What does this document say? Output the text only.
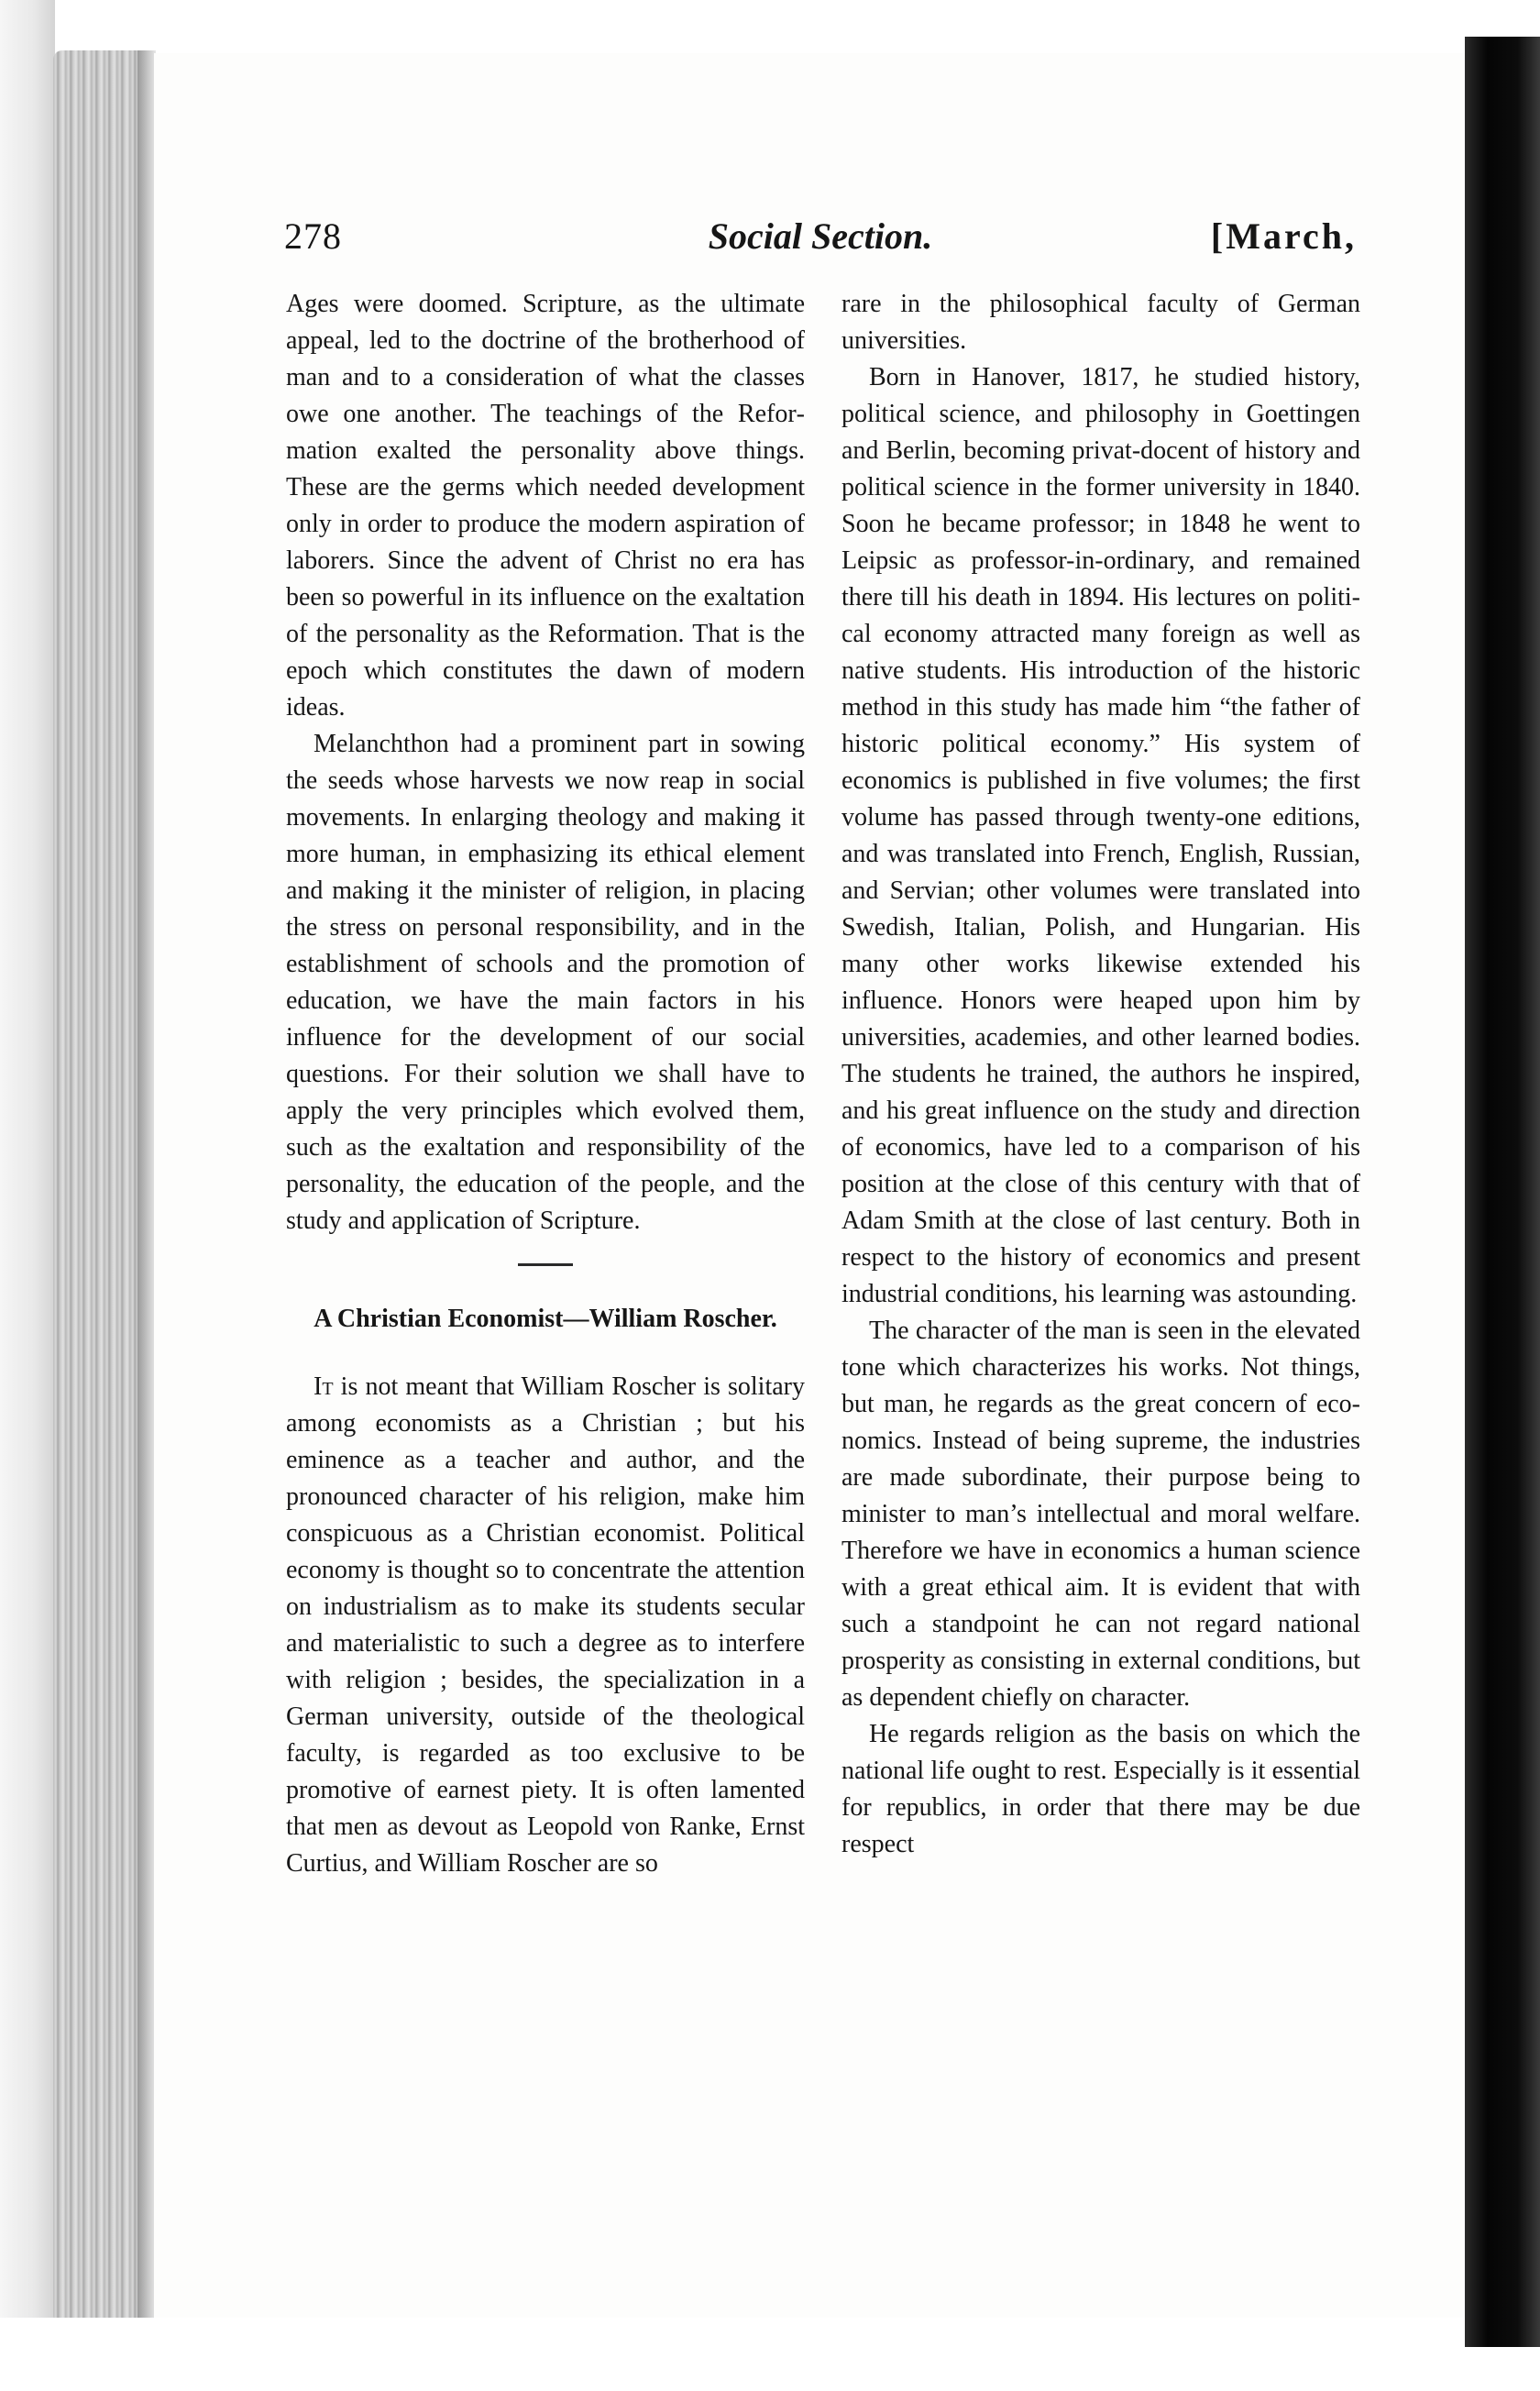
278	Social Section.	[March,

Ages were doomed. Scripture, as the ultimate appeal, led to the doctrine of the brotherhood of man and to a consideration of what the classes owe one another. The teachings of the Reformation exalted the personality above things. These are the germs which needed development only in order to produce the modern aspiration of laborers. Since the advent of Christ no era has been so powerful in its influence on the exaltation of the personality as the Reformation. That is the epoch which constitutes the dawn of modern ideas.

Melanchthon had a prominent part in sowing the seeds whose harvests we now reap in social movements. In enlarging theology and making it more human, in emphasizing its ethical element and making it the minister of religion, in placing the stress on personal responsibility, and in the establishment of schools and the promotion of education, we have the main factors in his influence for the development of our social questions. For their solution we shall have to apply the very principles which evolved them, such as the exaltation and responsibility of the personality, the education of the people, and the study and application of Scripture.

A Christian Economist—William Roscher.

It is not meant that William Roscher is solitary among economists as a Christian ; but his eminence as a teacher and author, and the pronounced character of his religion, make him conspicuous as a Christian economist. Political economy is thought so to concentrate the attention on industrialism as to make its students secular and materialistic to such a degree as to interfere with religion ; besides, the specialization in a German university, outside of the theological faculty, is regarded as too exclusive to be promotive of earnest piety. It is often lamented that men as devout as Leopold von Ranke, Ernst Curtius, and William Roscher are so

rare in the philosophical faculty of German universities.

Born in Hanover, 1817, he studied history, political science, and philosophy in Goettingen and Berlin, becoming privat-docent of history and political science in the former university in 1840. Soon he became professor; in 1848 he went to Leipsic as professor-in-ordinary, and remained there till his death in 1894. His lectures on political economy attracted many foreign as well as native students. His introduction of the historic method in this study has made him “the father of historic political economy.” His system of economics is published in five volumes; the first volume has passed through twenty-one editions, and was translated into French, English, Russian, and Servian; other volumes were translated into Swedish, Italian, Polish, and Hungarian. His many other works likewise extended his influence. Honors were heaped upon him by universities, academies, and other learned bodies. The students he trained, the authors he inspired, and his great influence on the study and direction of economics, have led to a comparison of his position at the close of this century with that of Adam Smith at the close of last century. Both in respect to the history of economics and present industrial conditions, his learning was astounding.

The character of the man is seen in the elevated tone which characterizes his works. Not things, but man, he regards as the great concern of economics. Instead of being supreme, the industries are made subordinate, their purpose being to minister to man’s intellectual and moral welfare. Therefore we have in economics a human science with a great ethical aim. It is evident that with such a standpoint he can not regard national prosperity as consisting in external conditions, but as dependent chiefly on character.

He regards religion as the basis on which the national life ought to rest. Especially is it essential for republics, in order that there may be due respect
